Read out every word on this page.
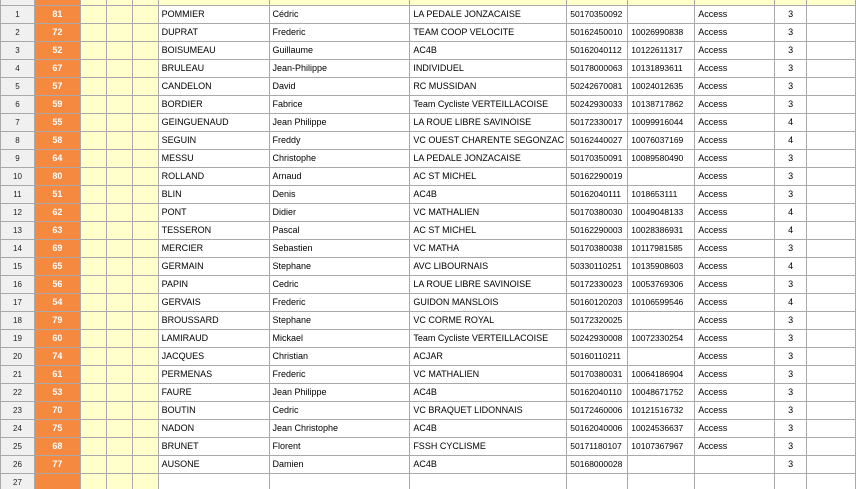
1	81				POMMIER	Cédric	LA PEDALE JONZACAISE	50170350092		Access	3	
2	72				DUPRAT	Frederic	TEAM COOP VELOCITE	50162450010	10026990838	Access	3	
3	52				BOISUMEAU	Guillaume	AC4B	50162040112	10122611317	Access	3	
4	67				BRULEAU	Jean-Philippe	INDIVIDUEL	50178000063	10131893611	Access	3	
5	57				CANDELON	David	RC MUSSIDAN	50242670081	10024012635	Access	3	
6	59				BORDIER	Fabrice	Team Cycliste VERTEILLACOISE	50242930033	10138717862	Access	3	
7	55				GEINGUENAUD	Jean Philippe	LA ROUE LIBRE SAVINOISE	50172330017	10099916044	Access	4	
8	58				SEGUIN	Freddy	VC OUEST CHARENTE SEGONZAC	50162440027	10076037169	Access	4	
9	64				MESSU	Christophe	LA PEDALE JONZACAISE	50170350091	10089580490	Access	3	
10	80				ROLLAND	Arnaud	AC ST MICHEL	50162290019		Access	3	
11	51				BLIN	Denis	AC4B	50162040111	1018653111	Access	3	
12	62				PONT	Didier	VC MATHALIEN	50170380030	10049048133	Access	4	
13	63				TESSERON	Pascal	AC ST MICHEL	50162290003	10028386931	Access	4	
14	69				MERCIER	Sebastien	VC MATHA	50170380038	10117981585	Access	3	
15	65				GERMAIN	Stephane	AVC LIBOURNAIS	50330110251	10135908603	Access	4	
16	56				PAPIN	Cedric	LA ROUE LIBRE SAVINOISE	50172330023	10053769306	Access	3	
17	54				GERVAIS	Frederic	GUIDON MANSLOIS	50160120203	10106599546	Access	4	
18	79				BROUSSARD	Stephane	VC CORME ROYAL	50172320025		Access	3	
19	60				LAMIRAUD	Mickael	Team Cycliste VERTEILLACOISE	50242930008	10072330254	Access	3	
20	74				JACQUES	Christian	ACJAR	50160110211		Access	3	
21	61				PERMENAS	Frederic	VC MATHALIEN	50170380031	10064186904	Access	3	
22	53				FAURE	Jean Philippe	AC4B	50162040110	10048671752	Access	3	
23	70				BOUTIN	Cedric	VC BRAQUET LIDONNAIS	50172460006	10121516732	Access	3	
24	75				NADON	Jean Christophe	AC4B	50162040006	10024536637	Access	3	
25	68				BRUNET	Florent	FSSH CYCLISME	50171180107	10107367967	Access	3	
26	77				AUSONE	Damien	AC4B	50168000028			3	
27												
